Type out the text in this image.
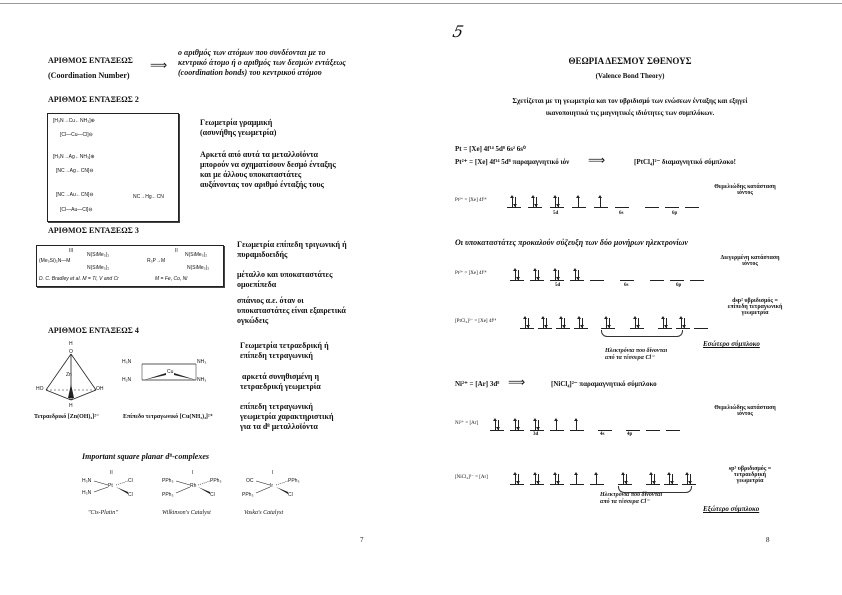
ΑΡΙΘΜΟΣ ΕΝΤΑΞΕΩΣ
(Coordination Number)
⟹
ο αριθμός των ατόμων που συνδέονται με το
κεντρικό άτομο ή ο αριθμός των δεσμών εντάξεως
(coordination bonds) του κεντρικού ατόμου
ΑΡΙΘΜΟΣ ΕΝΤΑΞΕΩΣ 2
[H₃N→Cu←NH₃]⊕
[Cl—Cu—Cl]⊖
[H₃N→Ag←NH₃]⊕
[NC→Ag←CN]⊖
[NC→Au←CN]⊖	NC→Hg←CN
[Cl—Au—Cl]⊖
Γεωμετρία γραμμική
(ασυνήθης γεωμετρία)
Αρκετά από αυτά τα μεταλλοϊόντα
μπορούν να σχηματίσουν δεσμό ένταξης
και με άλλους υποκαταστάτες
αυξάνοντας τον αριθμό ένταξής τους
ΑΡΙΘΜΟΣ ΕΝΤΑΞΕΩΣ 3
III
(Me₃Si)₂N—M
N(SiMe₃)₂
N(SiMe₃)₂
D. C. Bradley et al. M = Ti, V and Cr
II
R₃P→M
N(SiMe₃)₂
N(SiMe₃)₂
M = Fe, Co, Ni
Γεωμετρία επίπεδη τριγωνική ή
πυραμιδοειδής
μέταλλο και υποκαταστάτες
ομοεπίπεδα
σπάνιος α.ε. όταν οι
υποκαταστάτες είναι εξαιρετικά
ογκώδεις
ΑΡΙΘΜΟΣ ΕΝΤΑΞΕΩΣ 4
H
O
Zn
HO	OH
O
H
H₃N	NH₃
Cu
H₂N	NH₃
Τετραεδρικό [Zn(OH)₄]²⁻	Επίπεδο τετραγωνικό [Cu(NH₃)₄]²⁺
Γεωμετρία τετραεδρική ή
επίπεδη τετραγωνική
αρκετά συνηθισμένη η
τετραεδρική γεωμετρία
επίπεδη τετραγωνική
γεωμετρία χαρακτηριστική
για τα d⁸ μεταλλοϊόντα
Important square planar d⁸-complexes
II
H₃N
Pt
Cl
H₃N	Cl
"Cis-Platin"
I
PPh₃
Rh
PPh₃
PPh₃	Cl
Wilkinson's Catalyst
I
OC
Ir
PPh₃
PPh₃	Cl
Vaska's Catalyst
7
5
ΘΕΩΡΙΑ ΔΕΣΜΟΥ ΣΘΕΝΟΥΣ
(Valence Bond Theory)
Σχετίζεται με τη γεωμετρία και τον υβριδισμό των ενώσεων ένταξης και εξηγεί
ικανοποιητικά τις μαγνητικές ιδιότητες των συμπλόκων.
Pt = [Xe] 4f¹⁴ 5d⁸ 6s² 6s⁰
Pt²⁺ = [Xe] 4f¹⁴ 5d⁸ παραμαγνητικό ιόν ⟹	[PtCl₄]²⁻ διαμαγνητικό σύμπλοκο!
Pt²⁺ = [Xe] 4f¹⁴
5d	6s	6p
Θεμελιώδης κατάσταση
ιόντος
Οι υποκαταστάτες προκαλούν σύζευξη των δύο μονήρων ηλεκτρονίων
Pt²⁺ = [Xe] 4f¹⁴
5d	6s	6p
Διεγερμένη κατάσταση
ιόντος
[PtCl₄]²⁻ = [Xe] 4f¹⁴
Ηλεκτρόνια που δίνονται
από τα τέσσερα Cl⁻
dsp² υβριδισμός =
επίπεδη τετραγωνική
γεωμετρία
Εσώτερο σύμπλοκο
Ni²⁺ = [Ar] 3d⁸ ⟹	[NiCl₄]²⁻ παραμαγνητικό σύμπλοκο
Ni²⁺ = [Ar]
3d	4s	4p
Θεμελιώδης κατάσταση
ιόντος
[NiCl₄]²⁻ = [Ar]
Ηλεκτρόνια που δίνονται
από τα τέσσερα Cl⁻
sp³ υβριδισμός =
τετραεδρική
γεωμετρία
Εξώτερο σύμπλοκο
8
